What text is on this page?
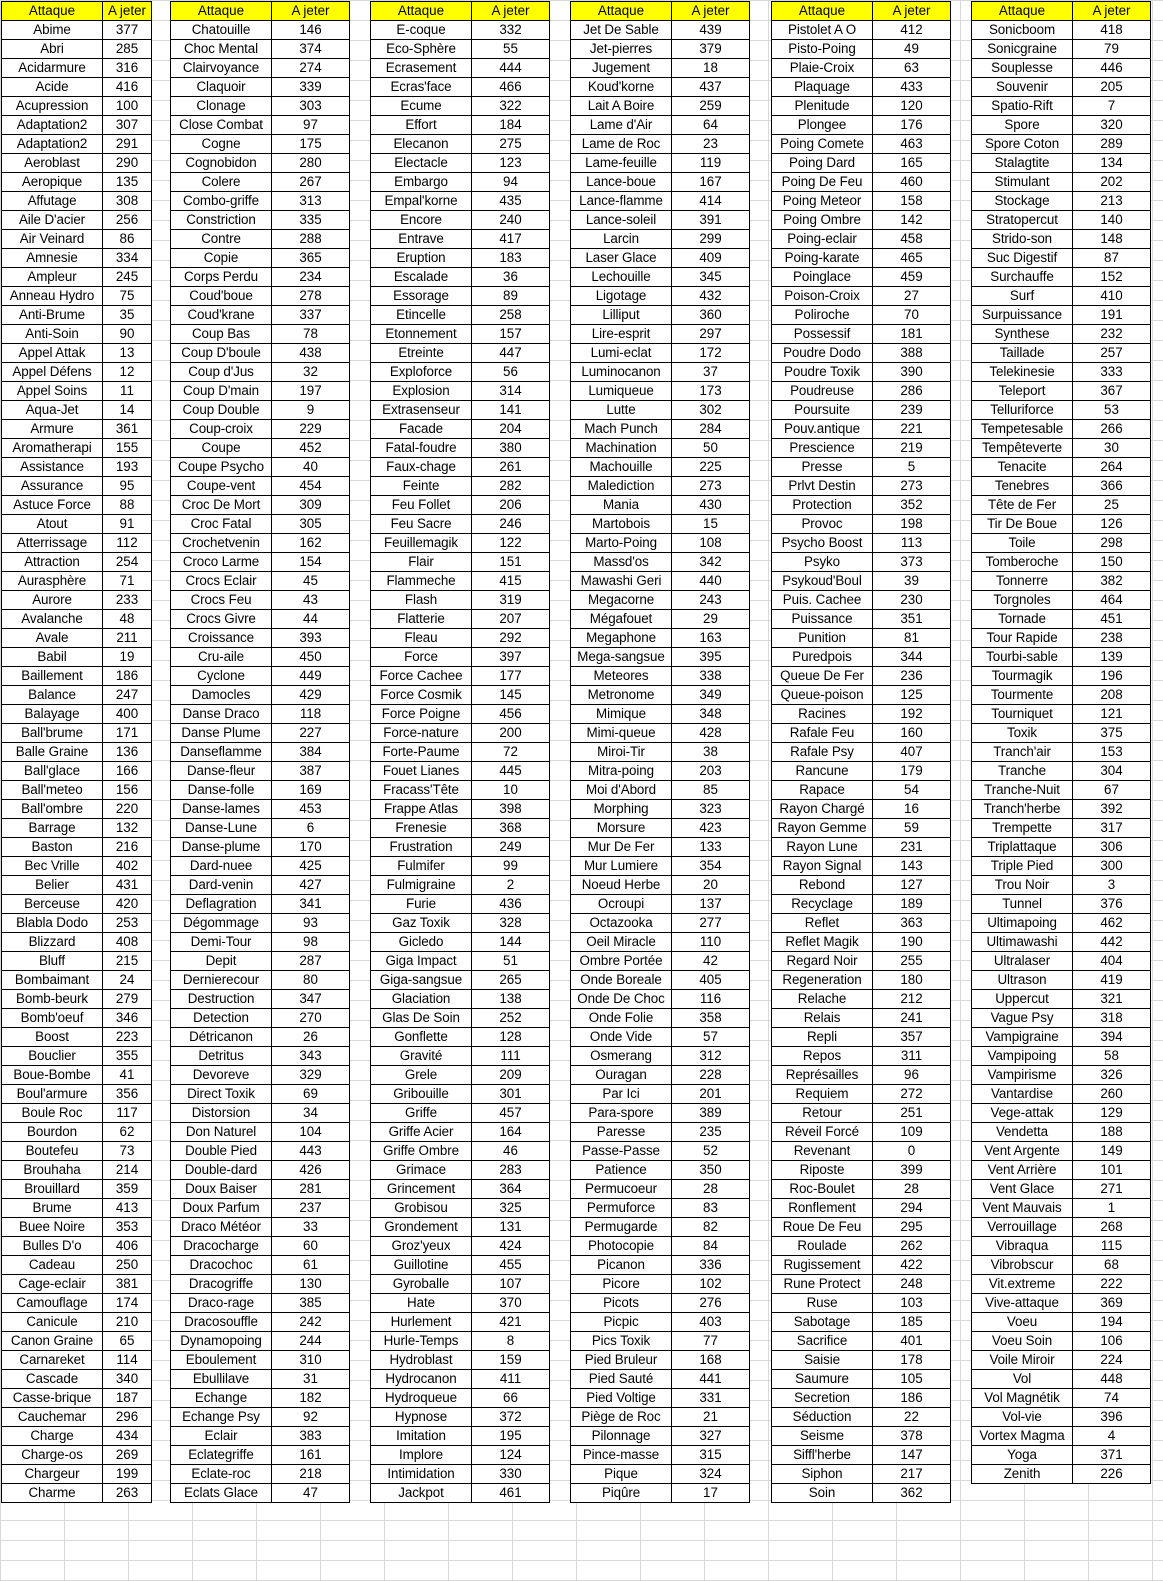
Attaque	A jeter
Abime	377
Abri	285
Acidarmure	316
Acide	416
Acupression	100
Adaptation2	307
Adaptation2	291
Aeroblast	290
Aeropique	135
Affutage	308
Aile D'acier	256
Air Veinard	86
Amnesie	334
Ampleur	245
Anneau Hydro	75
Anti-Brume	35
Anti-Soin	90
Appel Attak	13
Appel Défens	12
Appel Soins	11
Aqua-Jet	14
Armure	361
Aromatherapi	155
Assistance	193
Assurance	95
Astuce Force	88
Atout	91
Atterrissage	112
Attraction	254
Aurasphère	71
Aurore	233
Avalanche	48
Avale	211
Babil	19
Baillement	186
Balance	247
Balayage	400
Ball'brume	171
Balle Graine	136
Ball'glace	166
Ball'meteo	156
Ball'ombre	220
Barrage	132
Baston	216
Bec Vrille	402
Belier	431
Berceuse	420
Blabla Dodo	253
Blizzard	408
Bluff	215
Bombaimant	24
Bomb-beurk	279
Bomb'oeuf	346
Boost	223
Bouclier	355
Boue-Bombe	41
Boul'armure	356
Boule Roc	117
Bourdon	62
Boutefeu	73
Brouhaha	214
Brouillard	359
Brume	413
Buee Noire	353
Bulles D'o	406
Cadeau	250
Cage-eclair	381
Camouflage	174
Canicule	210
Canon Graine	65
Carnareket	114
Cascade	340
Casse-brique	187
Cauchemar	296
Charge	434
Charge-os	269
Chargeur	199
Charme	263
Attaque	A jeter
Chatouille	146
Choc Mental	374
Clairvoyance	274
Claquoir	339
Clonage	303
Close Combat	97
Cogne	175
Cognobidon	280
Colere	267
Combo-griffe	313
Constriction	335
Contre	288
Copie	365
Corps Perdu	234
Coud'boue	278
Coud'krane	337
Coup Bas	78
Coup D'boule	438
Coup d'Jus	32
Coup D'main	197
Coup Double	9
Coup-croix	229
Coupe	452
Coupe Psycho	40
Coupe-vent	454
Croc De Mort	309
Croc Fatal	305
Crochetvenin	162
Croco Larme	154
Crocs Eclair	45
Crocs Feu	43
Crocs Givre	44
Croissance	393
Cru-aile	450
Cyclone	449
Damocles	429
Danse Draco	118
Danse Plume	227
Danseflamme	384
Danse-fleur	387
Danse-folle	169
Danse-lames	453
Danse-Lune	6
Danse-plume	170
Dard-nuee	425
Dard-venin	427
Deflagration	341
Dégommage	93
Demi-Tour	98
Depit	287
Dernierecour	80
Destruction	347
Detection	270
Détricanon	26
Detritus	343
Devoreve	329
Direct Toxik	69
Distorsion	34
Don Naturel	104
Double Pied	443
Double-dard	426
Doux Baiser	281
Doux Parfum	237
Draco Météor	33
Dracocharge	60
Dracochoc	61
Dracogriffe	130
Draco-rage	385
Dracosouffle	242
Dynamopoing	244
Eboulement	310
Ebullilave	31
Echange	182
Echange Psy	92
Eclair	383
Eclategriffe	161
Eclate-roc	218
Eclats Glace	47
Attaque	A jeter
E-coque	332
Eco-Sphère	55
Ecrasement	444
Ecras'face	466
Ecume	322
Effort	184
Elecanon	275
Electacle	123
Embargo	94
Empal'korne	435
Encore	240
Entrave	417
Eruption	183
Escalade	36
Essorage	89
Etincelle	258
Etonnement	157
Etreinte	447
Exploforce	56
Explosion	314
Extrasenseur	141
Facade	204
Fatal-foudre	380
Faux-chage	261
Feinte	282
Feu Follet	206
Feu Sacre	246
Feuillemagik	122
Flair	151
Flammeche	415
Flash	319
Flatterie	207
Fleau	292
Force	397
Force Cachee	177
Force Cosmik	145
Force Poigne	456
Force-nature	200
Forte-Paume	72
Fouet Lianes	445
Fracass'Tête	10
Frappe Atlas	398
Frenesie	368
Frustration	249
Fulmifer	99
Fulmigraine	2
Furie	436
Gaz Toxik	328
Gicledo	144
Giga Impact	51
Giga-sangsue	265
Glaciation	138
Glas De Soin	252
Gonflette	128
Gravité	111
Grele	209
Gribouille	301
Griffe	457
Griffe Acier	164
Griffe Ombre	46
Grimace	283
Grincement	364
Grobisou	325
Grondement	131
Groz'yeux	424
Guillotine	455
Gyroballe	107
Hate	370
Hurlement	421
Hurle-Temps	8
Hydroblast	159
Hydrocanon	411
Hydroqueue	66
Hypnose	372
Imitation	195
Implore	124
Intimidation	330
Jackpot	461
Attaque	A jeter
Jet De Sable	439
Jet-pierres	379
Jugement	18
Koud'korne	437
Lait A Boire	259
Lame d'Air	64
Lame de Roc	23
Lame-feuille	119
Lance-boue	167
Lance-flamme	414
Lance-soleil	391
Larcin	299
Laser Glace	409
Lechouille	345
Ligotage	432
Lilliput	360
Lire-esprit	297
Lumi-eclat	172
Luminocanon	37
Lumiqueue	173
Lutte	302
Mach Punch	284
Machination	50
Machouille	225
Malediction	273
Mania	430
Martobois	15
Marto-Poing	108
Massd'os	342
Mawashi Geri	440
Megacorne	243
Mégafouet	29
Megaphone	163
Mega-sangsue	395
Meteores	338
Metronome	349
Mimique	348
Mimi-queue	428
Miroi-Tir	38
Mitra-poing	203
Moi d'Abord	85
Morphing	323
Morsure	423
Mur De Fer	133
Mur Lumiere	354
Noeud Herbe	20
Ocroupi	137
Octazooka	277
Oeil Miracle	110
Ombre Portée	42
Onde Boreale	405
Onde De Choc	116
Onde Folie	358
Onde Vide	57
Osmerang	312
Ouragan	228
Par Ici	201
Para-spore	389
Paresse	235
Passe-Passe	52
Patience	350
Permucoeur	28
Permuforce	83
Permugarde	82
Photocopie	84
Picanon	336
Picore	102
Picots	276
Picpic	403
Pics Toxik	77
Pied Bruleur	168
Pied Sauté	441
Pied Voltige	331
Piège de Roc	21
Pilonnage	327
Pince-masse	315
Pique	324
Piqûre	17
Attaque	A jeter
Pistolet A O	412
Pisto-Poing	49
Plaie-Croix	63
Plaquage	433
Plenitude	120
Plongee	176
Poing Comete	463
Poing Dard	165
Poing De Feu	460
Poing Meteor	158
Poing Ombre	142
Poing-eclair	458
Poing-karate	465
Poinglace	459
Poison-Croix	27
Poliroche	70
Possessif	181
Poudre Dodo	388
Poudre Toxik	390
Poudreuse	286
Poursuite	239
Pouv.antique	221
Prescience	219
Presse	5
Prlvt Destin	273
Protection	352
Provoc	198
Psycho Boost	113
Psyko	373
Psykoud'Boul	39
Puis. Cachee	230
Puissance	351
Punition	81
Puredpois	344
Queue De Fer	236
Queue-poison	125
Racines	192
Rafale Feu	160
Rafale Psy	407
Rancune	179
Rapace	54
Rayon Chargé	16
Rayon Gemme	59
Rayon Lune	231
Rayon Signal	143
Rebond	127
Recyclage	189
Reflet	363
Reflet Magik	190
Regard Noir	255
Regeneration	180
Relache	212
Relais	241
Repli	357
Repos	311
Représailles	96
Requiem	272
Retour	251
Réveil Forcé	109
Revenant	0
Riposte	399
Roc-Boulet	28
Ronflement	294
Roue De Feu	295
Roulade	262
Rugissement	422
Rune Protect	248
Ruse	103
Sabotage	185
Sacrifice	401
Saisie	178
Saumure	105
Secretion	186
Séduction	22
Seisme	378
Siffl'herbe	147
Siphon	217
Soin	362
Attaque	A jeter
Sonicboom	418
Sonicgraine	79
Souplesse	446
Souvenir	205
Spatio-Rift	7
Spore	320
Spore Coton	289
Stalagtite	134
Stimulant	202
Stockage	213
Stratopercut	140
Strido-son	148
Suc Digestif	87
Surchauffe	152
Surf	410
Surpuissance	191
Synthese	232
Taillade	257
Telekinesie	333
Teleport	367
Telluriforce	53
Tempetesable	266
Tempêteverte	30
Tenacite	264
Tenebres	366
Tête de Fer	25
Tir De Boue	126
Toile	298
Tomberoche	150
Tonnerre	382
Torgnoles	464
Tornade	451
Tour Rapide	238
Tourbi-sable	139
Tourmagik	196
Tourmente	208
Tourniquet	121
Toxik	375
Tranch'air	153
Tranche	304
Tranche-Nuit	67
Tranch'herbe	392
Trempette	317
Triplattaque	306
Triple Pied	300
Trou Noir	3
Tunnel	376
Ultimapoing	462
Ultimawashi	442
Ultralaser	404
Ultrason	419
Uppercut	321
Vague Psy	318
Vampigraine	394
Vampipoing	58
Vampirisme	326
Vantardise	260
Vege-attak	129
Vendetta	188
Vent Argente	149
Vent Arrière	101
Vent Glace	271
Vent Mauvais	1
Verrouillage	268
Vibraqua	115
Vibrobscur	68
Vit.extreme	222
Vive-attaque	369
Voeu	194
Voeu Soin	106
Voile Miroir	224
Vol	448
Vol Magnétik	74
Vol-vie	396
Vortex Magma	4
Yoga	371
Zenith	226
